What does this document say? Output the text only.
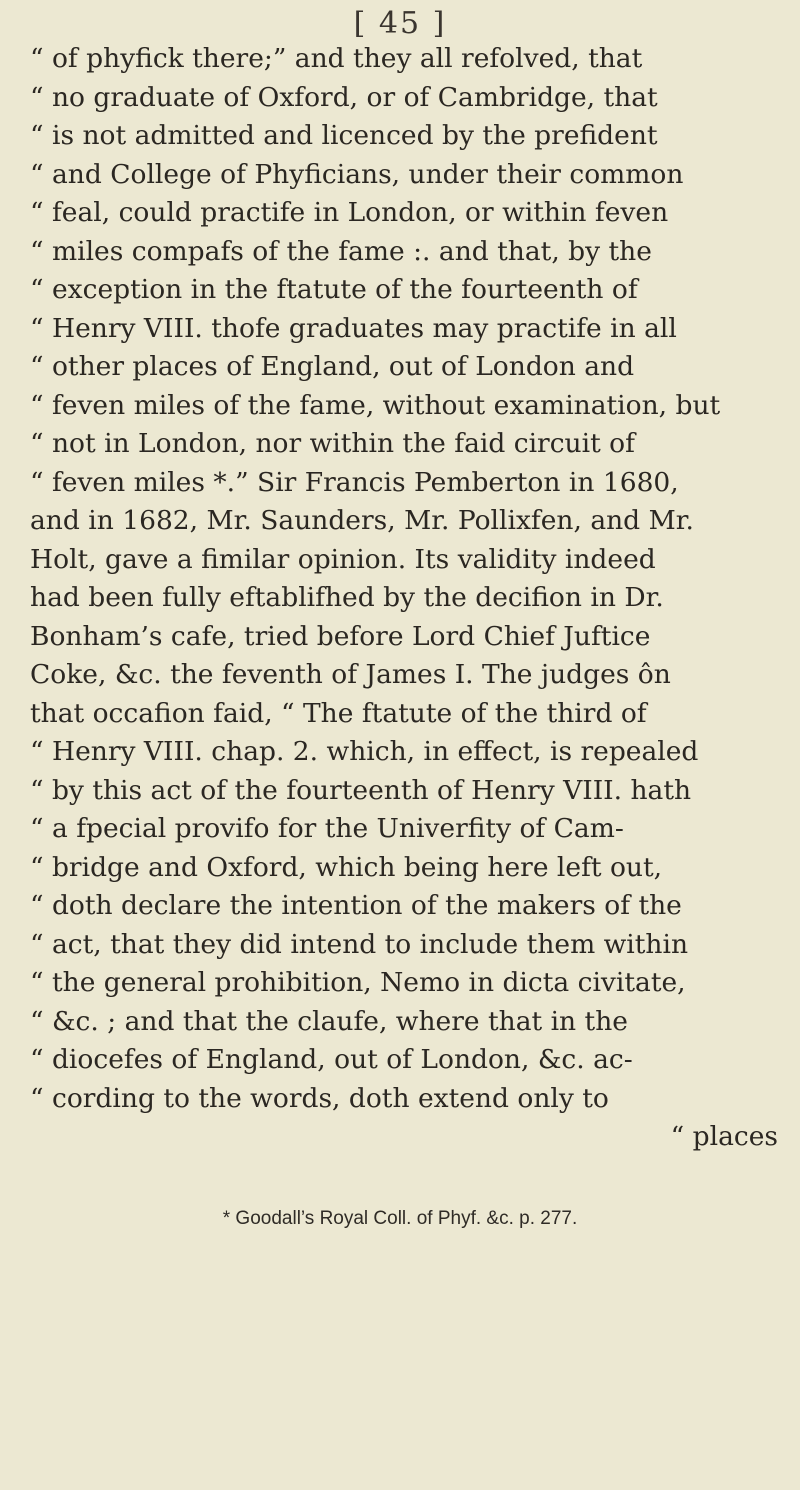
[ 45 ]
“ of phyfick there;” and they all refolved, that
“ no graduate of Oxford, or of Cambridge, that
“ is not admitted and licenced by the prefident
“ and College of Phyficians, under their common
“ feal, could practife in London, or within feven
“ miles compafs of the fame :. and that, by the
“ exception in the ftatute of the fourteenth of
“ Henry VIII. thofe graduates may practife in all
“ other places of England, out of London and
“ feven miles of the fame, without examination, but
“ not in London, nor within the faid circuit of
“ feven miles *.” Sir Francis Pemberton in 1680,
and in 1682, Mr. Saunders, Mr. Pollixfen, and Mr.
Holt, gave a fimilar opinion. Its validity indeed
had been fully eftablifhed by the decifion in Dr.
Bonham’s cafe, tried before Lord Chief Juftice
Coke, &c. the feventh of James I. The judges ôn
that occafion faid, “ The ftatute of the third of
“ Henry VIII. chap. 2. which, in effect, is repealed
“ by this act of the fourteenth of Henry VIII. hath
“ a fpecial provifo for the Univerfity of Cam-
“ bridge and Oxford, which being here left out,
“ doth declare the intention of the makers of the
“ act, that they did intend to include them within
“ the general prohibition, Nemo in dicta civitate,
“ &c. ; and that the claufe, where that in the
“ diocefes of England, out of London, &c. ac-
“ cording to the words, doth extend only to
“ places
* Goodall’s Royal Coll. of Phyf. &c. p. 277.
